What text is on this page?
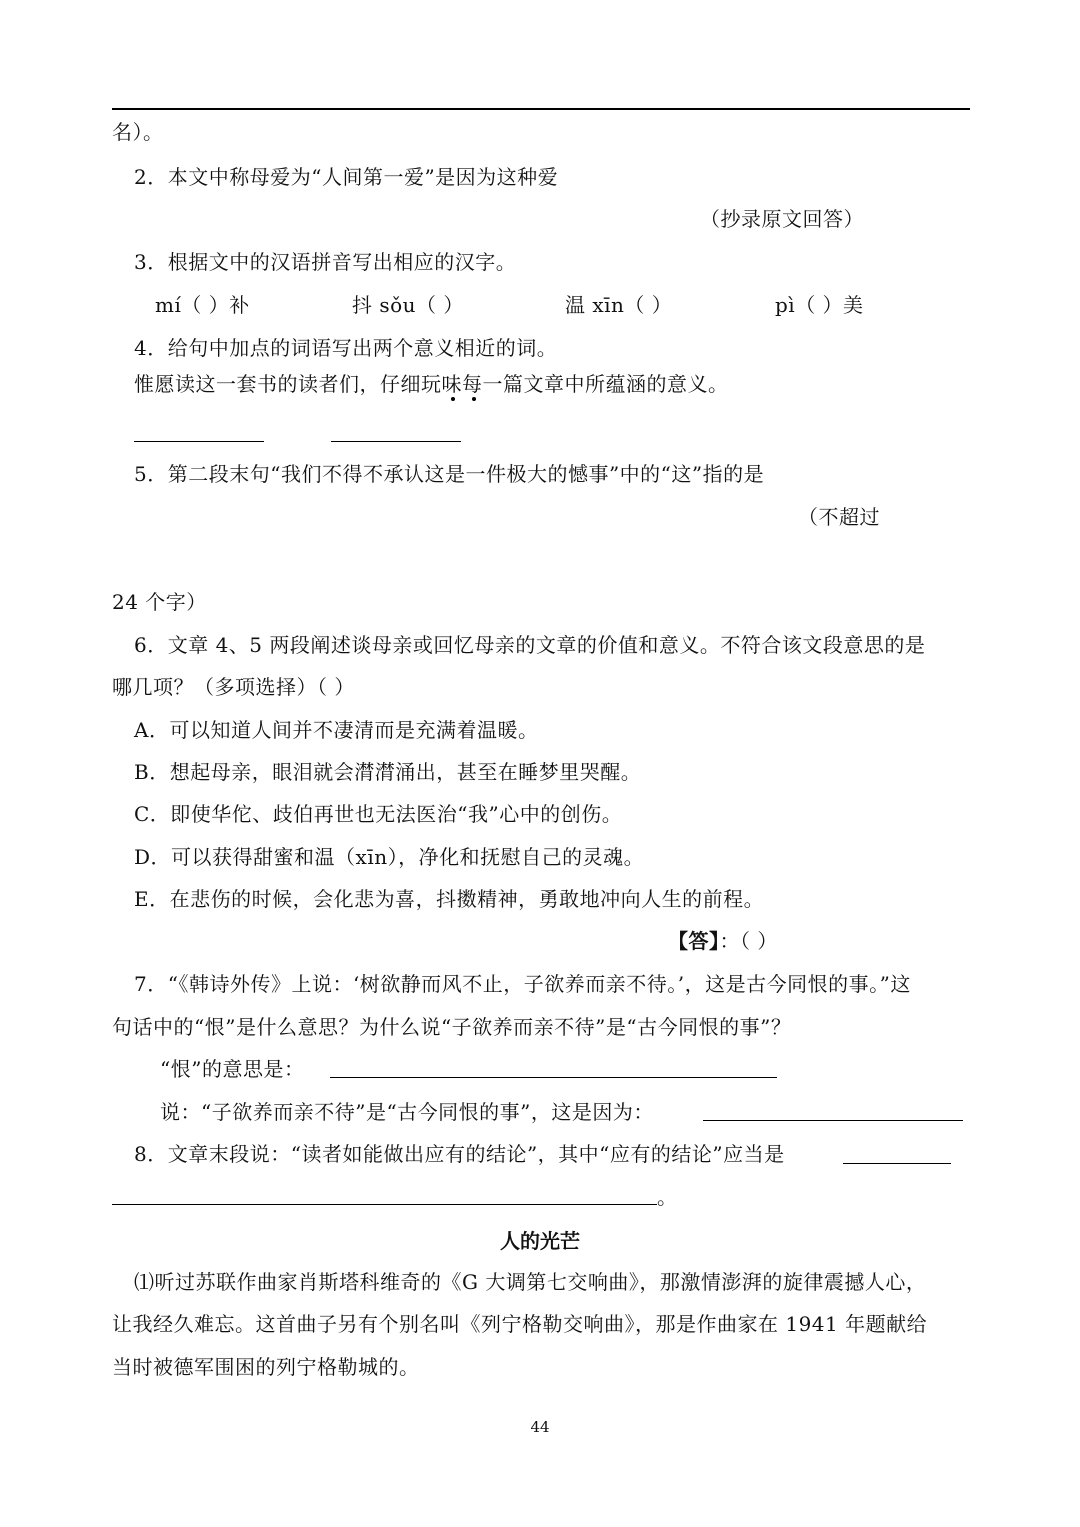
名）。
2．本文中称母爱为“人间第一爱”是因为这种爱
（抄录原文回答）
3．根据文中的汉语拼音写出相应的汉字。
mí（ ）补	抖 sǒu（ ）	温 xīn（ ）	pì（ ）美
4．给句中加点的词语写出两个意义相近的词。
惟愿读这一套书的读者们，仔细玩味每一篇文章中所蕴涵的意义。
5．第二段末句“我们不得不承认这是一件极大的憾事”中的“这”指的是
（不超过
24 个字）
6．文章 4、5 两段阐述谈母亲或回忆母亲的文章的价值和意义。不符合该文段意思的是
哪几项？（多项选择）（ ）
A．可以知道人间并不凄清而是充满着温暖。
B．想起母亲，眼泪就会潸潸涌出，甚至在睡梦里哭醒。
C．即使华佗、歧伯再世也无法医治“我”心中的创伤。
D．可以获得甜蜜和温（xīn），净化和抚慰自己的灵魂。
E．在悲伤的时候，会化悲为喜，抖擞精神，勇敢地冲向人生的前程。
【答】：（ ）
7．“《韩诗外传》上说：‘树欲静而风不止，子欲养而亲不待。’，这是古今同恨的事。”这
句话中的“恨”是什么意思？为什么说“子欲养而亲不待”是“古今同恨的事”？
“恨”的意思是：
说：“子欲养而亲不待”是“古今同恨的事”，这是因为：
8．文章末段说：“读者如能做出应有的结论”，其中“应有的结论”应当是
。
人的光芒
⑴听过苏联作曲家肖斯塔科维奇的《G 大调第七交响曲》，那激情澎湃的旋律震撼人心，
让我经久难忘。这首曲子另有个别名叫《列宁格勒交响曲》，那是作曲家在 1941 年题献给
当时被德军围困的列宁格勒城的。
44
